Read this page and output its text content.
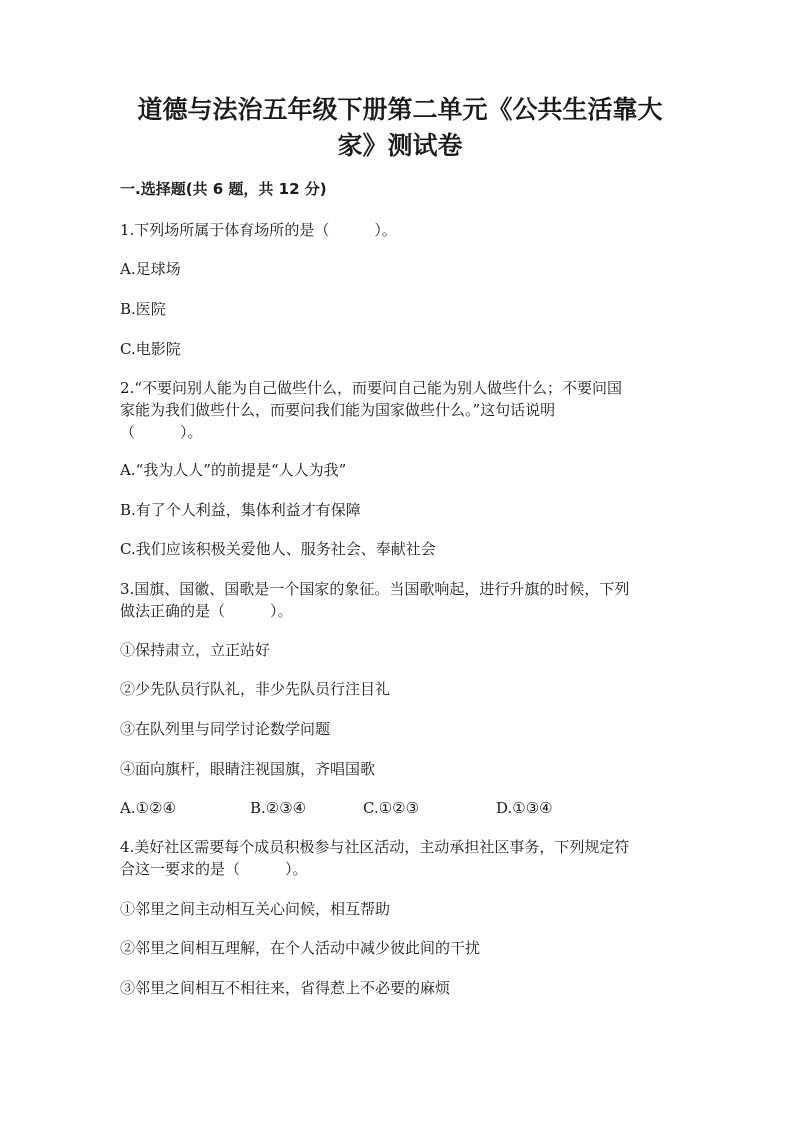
道德与法治五年级下册第二单元《公共生活靠大
家》测试卷
一.选择题(共 6 题，共 12 分)
1.下列场所属于体育场所的是（　　　）。
A.足球场
B.医院
C.电影院
2.“不要问别人能为自己做些什么，而要问自己能为别人做些什么；不要问国
家能为我们做些什么，而要问我们能为国家做些什么。”这句话说明
（　　　）。
A.“我为人人”的前提是“人人为我”
B.有了个人利益，集体利益才有保障
C.我们应该积极关爱他人、服务社会、奉献社会
3.国旗、国徽、国歌是一个国家的象征。当国歌响起，进行升旗的时候，下列
做法正确的是（　　　）。
①保持肃立，立正站好
②少先队员行队礼，非少先队员行注目礼
③在队列里与同学讨论数学问题
④面向旗杆，眼睛注视国旗，齐唱国歌
A.①②④	B.②③④	C.①②③	D.①③④
4.美好社区需要每个成员积极参与社区活动，主动承担社区事务，下列规定符
合这一要求的是（　　　）。
①邻里之间主动相互关心问候，相互帮助
②邻里之间相互理解，在个人活动中减少彼此间的干扰
③邻里之间相互不相往来，省得惹上不必要的麻烦
